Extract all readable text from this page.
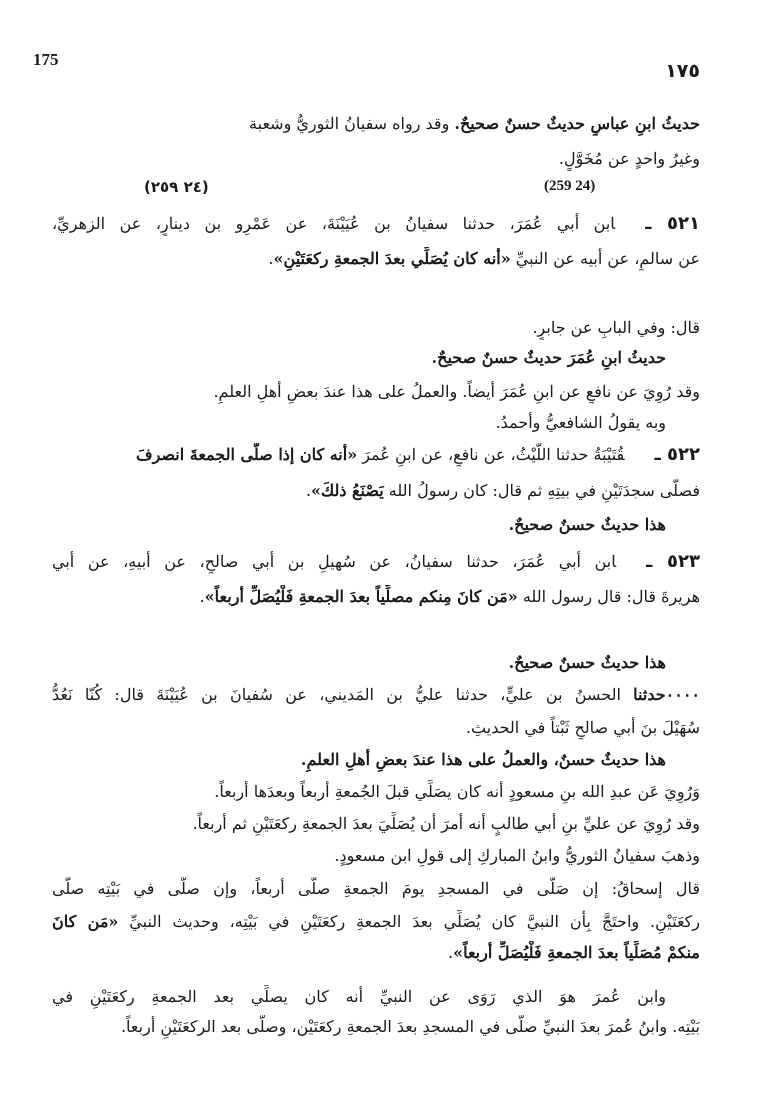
175
١٧٥
حديثُ ابنِ عباسٍ حديثٌ حسنٌ صحيحٌ. وقد رواه سفيانُ الثوريُّ وشعبة
وغيرُ واحدٍ عن مُخَوَّلٍ.
(٢٤ ٢٥٩)	(259 24)
٥٢١ ـابن أبي عُمَرَ، حدثنا سفيانُ بن عُيَيْنَةَ، عن عَمْرِو بن دينارٍ، عن الزهريِّ،
عن سالمٍ، عن أبيه عن النبيِّ «أنه كان يُصَلِّي بعدَ الجمعةِ ركعَتَيْنِ».
قال: وفي البابِ عن جابرٍ.
حديثُ ابنِ عُمَرَ حديثٌ حسنٌ صحيحٌ.
وقد رُوِيَ عن نافعٍ عن ابنِ عُمَرَ أيضاً. والعملُ على هذا عندَ بعضِ أهلِ العلمِ.
وبه يقولُ الشافعيُّ وأحمدُ.
٥٢٢ ـقُتَيْبَةُ حدثنا اللَّيْثُ، عن نافعٍ، عن ابنِ عُمرَ «أنه كان إذا صلَّى الجمعةَ انصرفَ
فصلَّى سجدَتَيْنِ في بيتِهِ ثم قال: كان رسولُ الله يَصْنَعُ ذلكَ».
هذا حديثٌ حسنٌ صحيحٌ.
٥٢٣ ـابن أبي عُمَرَ، حدثنا سفيانُ، عن سُهيلِ بن أبي صالحٍ، عن أبيهِ، عن أبي
هريرةَ قال: قال رسول الله «مَن كانَ مِنكم مصلِّياً بعدَ الجمعةِ فَلْيُصَلِّ أربعاً».
هذا حديثٌ حسنٌ صحيحٌ.
٠٠٠٠حدثنا الحسنُ بن عليٍّ، حدثنا عليُّ بن المَديني، عن سُفيانَ بن عُيَيْنَةَ قال: كُنّا نَعُدُّ
سُهَيْلَ بنَ أبي صالحٍ ثَبْتاً في الحديثِ.
هذا حديثٌ حسنٌ، والعملُ على هذا عندَ بعضِ أهلِ العلمِ.
وَرُوِيَ عَن عبدِ الله بنِ مسعودٍ أنه كان يصَلِّي قبلَ الجُمعةِ أربعاً وبعدَها أربعاً.
وقد رُوِيَ عن عليِّ بنِ أبي طالبٍ أنه أمرَ أن يُصَلِّيَ بعدَ الجمعةِ ركعَتَيْنِ ثم أربعاً.
وذهبَ سفيانُ الثوريُّ وابنُ المباركِ إلى قولِ ابن مسعودٍ.
قال إسحاقُ: إن صَلَّى في المسجدِ يومَ الجمعةِ صلَّى أربعاً، وإن صلَّى في بَيْتِه صلَّى
ركعَتَيْنِ. واحتَجَّ بِأَن النبيَّ كان يُصَلِّي بعدَ الجمعةِ ركعَتَيْنِ في بَيْتِه، وحديث النبيِّ «مَن كانَ
منكمْ مُصَلِّياً بعدَ الجمعةِ فَلْيُصَلِّ أربعاً».
وابن عُمرَ هوَ الذي رَوَى عن النبيِّ أنه كان يصلِّي بعد الجمعةِ ركعَتَيْنِ في
بَيْتِه. وابنُ عُمرَ بعدَ النبيِّ صلَّى في المسجدِ بعدَ الجمعةِ ركعَتَيْن، وصلَّى بعد الركعَتَيْنِ أربعاً.
